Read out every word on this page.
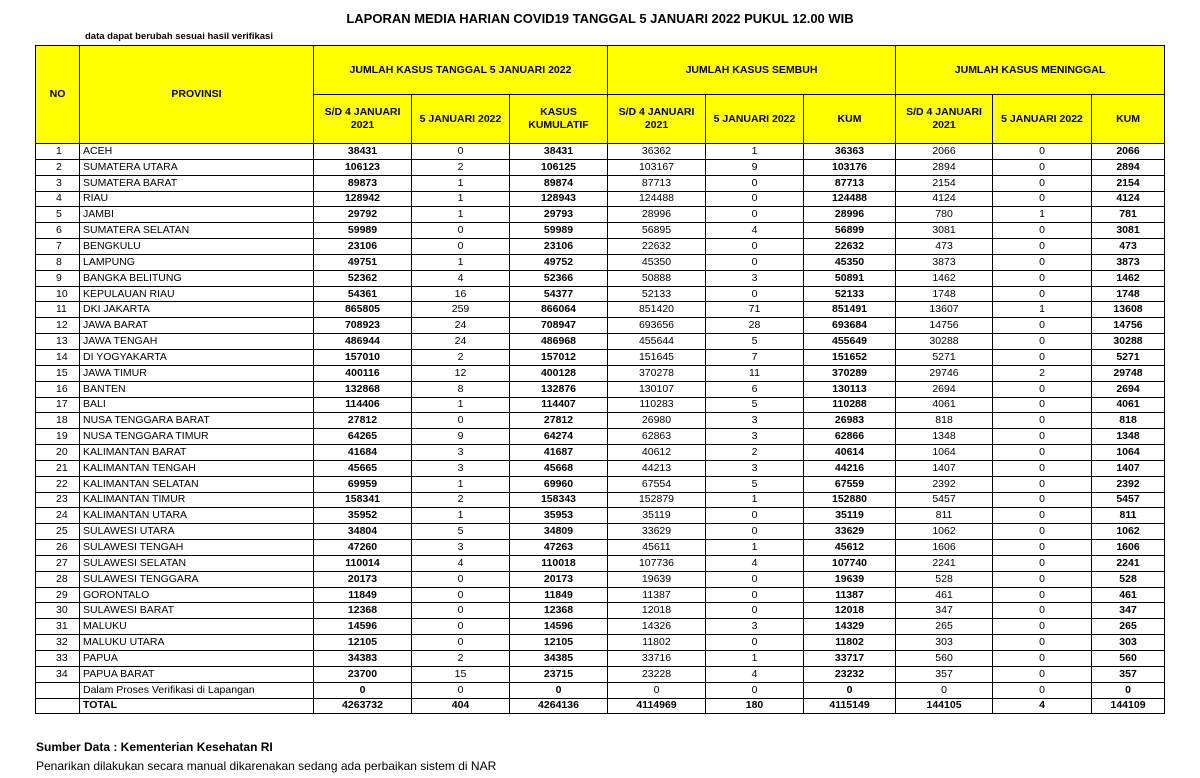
LAPORAN MEDIA HARIAN COVID19 TANGGAL 5 JANUARI 2022 PUKUL 12.00 WIB
data dapat berubah sesuai hasil verifikasi
NO	PROVINSI	JUMLAH KASUS TANGGAL 5 JANUARI 2022			JUMLAH KASUS SEMBUH			JUMLAH KASUS MENINGGAL		
		S/D 4 JANUARI 2021	5 JANUARI 2022	KASUS KUMULATIF	S/D 4 JANUARI 2021	5 JANUARI 2022	KUM	S/D 4 JANUARI 2021	5 JANUARI 2022	KUM
1	ACEH	38431	0	38431	36362	1	36363	2066	0	2066
2	SUMATERA UTARA	106123	2	106125	103167	9	103176	2894	0	2894
3	SUMATERA BARAT	89873	1	89874	87713	0	87713	2154	0	2154
4	RIAU	128942	1	128943	124488	0	124488	4124	0	4124
5	JAMBI	29792	1	29793	28996	0	28996	780	1	781
6	SUMATERA SELATAN	59989	0	59989	56895	4	56899	3081	0	3081
7	BENGKULU	23106	0	23106	22632	0	22632	473	0	473
8	LAMPUNG	49751	1	49752	45350	0	45350	3873	0	3873
9	BANGKA BELITUNG	52362	4	52366	50888	3	50891	1462	0	1462
10	KEPULAUAN RIAU	54361	16	54377	52133	0	52133	1748	0	1748
11	DKI JAKARTA	865805	259	866064	851420	71	851491	13607	1	13608
12	JAWA BARAT	708923	24	708947	693656	28	693684	14756	0	14756
13	JAWA TENGAH	486944	24	486968	455644	5	455649	30288	0	30288
14	DI YOGYAKARTA	157010	2	157012	151645	7	151652	5271	0	5271
15	JAWA TIMUR	400116	12	400128	370278	11	370289	29746	2	29748
16	BANTEN	132868	8	132876	130107	6	130113	2694	0	2694
17	BALI	114406	1	114407	110283	5	110288	4061	0	4061
18	NUSA TENGGARA BARAT	27812	0	27812	26980	3	26983	818	0	818
19	NUSA TENGGARA TIMUR	64265	9	64274	62863	3	62866	1348	0	1348
20	KALIMANTAN BARAT	41684	3	41687	40612	2	40614	1064	0	1064
21	KALIMANTAN TENGAH	45665	3	45668	44213	3	44216	1407	0	1407
22	KALIMANTAN SELATAN	69959	1	69960	67554	5	67559	2392	0	2392
23	KALIMANTAN TIMUR	158341	2	158343	152879	1	152880	5457	0	5457
24	KALIMANTAN UTARA	35952	1	35953	35119	0	35119	811	0	811
25	SULAWESI UTARA	34804	5	34809	33629	0	33629	1062	0	1062
26	SULAWESI TENGAH	47260	3	47263	45611	1	45612	1606	0	1606
27	SULAWESI SELATAN	110014	4	110018	107736	4	107740	2241	0	2241
28	SULAWESI TENGGARA	20173	0	20173	19639	0	19639	528	0	528
29	GORONTALO	11849	0	11849	11387	0	11387	461	0	461
30	SULAWESI BARAT	12368	0	12368	12018	0	12018	347	0	347
31	MALUKU	14596	0	14596	14326	3	14329	265	0	265
32	MALUKU UTARA	12105	0	12105	11802	0	11802	303	0	303
33	PAPUA	34383	2	34385	33716	1	33717	560	0	560
34	PAPUA BARAT	23700	15	23715	23228	4	23232	357	0	357
	Dalam Proses Verifikasi di Lapangan	0	0	0	0	0	0	0	0	0
	TOTAL	4263732	404	4264136	4114969	180	4115149	144105	4	144109
Sumber Data : Kementerian Kesehatan RI
Penarikan dilakukan secara manual dikarenakan sedang ada perbaikan sistem di NAR
